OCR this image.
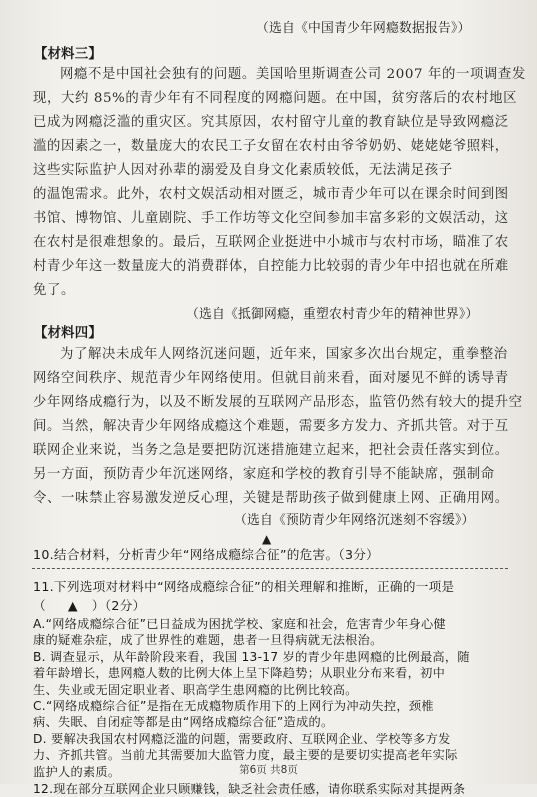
（选自《中国青少年网瘾数据报告》）
【材料三】
网瘾不是中国社会独有的问题。美国哈里斯调查公司 2007 年的一项调查发
现，大约 85%的青少年有不同程度的网瘾问题。在中国，贫穷落后的农村地区
已成为网瘾泛滥的重灾区。究其原因，农村留守儿童的教育缺位是导致网瘾泛
滥的因素之一，数量庞大的农民工子女留在农村由爷爷奶奶、姥姥姥爷照料，
这些实际监护人因对孙辈的溺爱及自身文化素质较低，无法满足孩子
的温饱需求。此外，农村文娱活动相对匮乏，城市青少年可以在课余时间到图
书馆、博物馆、儿童剧院、手工作坊等文化空间参加丰富多彩的文娱活动，这
在农村是很难想象的。最后，互联网企业挺进中小城市与农村市场，瞄准了农
村青少年这一数量庞大的消费群体，自控能力比较弱的青少年中招也就在所难
免了。
（选自《抵御网瘾，重塑农村青少年的精神世界》）
【材料四】
为了解决未成年人网络沉迷问题，近年来，国家多次出台规定，重拳整治
网络空间秩序、规范青少年网络使用。但就目前来看，面对屡见不鲜的诱导青
少年网络成瘾行为，以及不断发展的互联网产品形态，监管仍然有较大的提升空
间。当然，解决青少年网络成瘾这个难题，需要多方发力、齐抓共管。对于互
联网企业来说，当务之急是要把防沉迷措施建立起来，把社会责任落实到位。
另一方面，预防青少年沉迷网络，家庭和学校的教育引导不能缺席，强制命
令、一味禁止容易激发逆反心理，关键是帮助孩子做到健康上网、正确用网。
（选自《预防青少年网络沉迷刻不容缓》）
▲
10.结合材料，分析青少年“网络成瘾综合征”的危害。（3分）
11.下列选项对材料中“网络成瘾综合征”的相关理解和推断，正确的一项是
（ ▲ ）（2分）
A.“网络成瘾综合征”已日益成为困扰学校、家庭和社会，危害青少年身心健
康的疑难杂症，成了世界性的难题，患者一旦得病就无法根治。
B. 调查显示，从年龄阶段来看，我国 13-17 岁的青少年患网瘾的比例最高，随
着年龄增长，患网瘾人数的比例大体上呈下降趋势；从职业分布来看，初中
生、失业或无固定职业者、职高学生患网瘾的比例比较高。
C.“网络成瘾综合征”是指在无成瘾物质作用下的上网行为冲动失控，颈椎
病、失眠、自闭症等都是由“网络成瘾综合征”造成的。
D. 要解决我国农村网瘾泛滥的问题，需要政府、互联网企业、学校等多方发
力、齐抓共管。当前尤其需要加大监管力度，最主要的是要切实提高老年实际
监护人的素质。
12.现在部分互联网企业只顾赚钱，缺乏社会责任感，请你联系实际对其提两条
第6页 共8页
